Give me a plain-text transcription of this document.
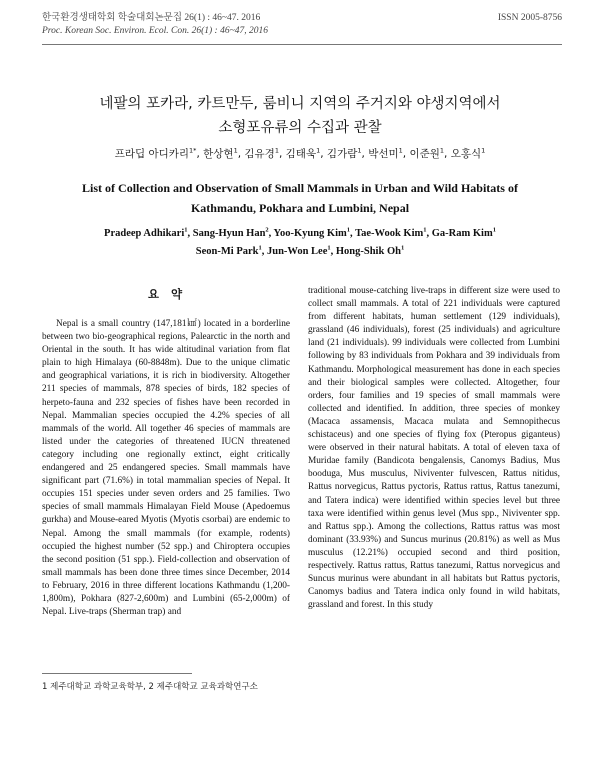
한국환경생태학회 학술대회논문집 26(1) : 46~47. 2016	ISSN 2005-8756
Proc. Korean Soc. Environ. Ecol. Con. 26(1) : 46~47, 2016
네팔의 포카라, 카트만두, 룸비니 지역의 주거지와 야생지역에서
소형포유류의 수집과 관찰
프라딥 아디카리$^{1*}$, 한상현$^1$, 김유경$^1$, 김태욱$^1$, 김가람$^1$, 박선미$^1$, 이준원$^1$, 오홍식$^1$
List of Collection and Observation of Small Mammals in Urban and Wild Habitats of
Kathmandu, Pokhara and Lumbini, Nepal
Pradeep Adhikari$^1$, Sang-Hyun Han$^2$, Yoo-Kyung Kim$^1$, Tae-Wook Kim$^1$, Ga-Ram Kim$^1$
Seon-Mi Park$^1$, Jun-Won Lee$^1$, Hong-Shik Oh$^1$
요 약

Nepal is a small country (147,181㎢) located in a borderline between two bio-geographical regions, Palearctic in the north and Oriental in the south. It has wide altitudinal variation from flat plain to high Himalaya (60-8848m). Due to the unique climatic and geographical variations, it is rich in biodiversity. Altogether 211 species of mammals, 878 species of birds, 182 species of herpeto-fauna and 232 species of fishes have been recorded in Nepal. Mammalian species occupied the 4.2% species of all mammals of the world. All together 46 species of mammals are listed under the categories of threatened IUCN threatened category including one regionally extinct, eight critically endangered and 25 endangered species. Small mammals have significant part (71.6%) in total mammalian species of Nepal. It occupies 151 species under seven orders and 25 families. Two species of small mammals Himalayan Field Mouse (Apedoemus gurkha) and Mouse-eared Myotis (Myotis csorbai) are endemic to Nepal. Among the small mammals (for example, rodents) occupied the highest number (52 spp.) and Chiroptera occupies the second position (51 spp.). Field-collection and observation of small mammals has been done three times since December, 2014 to February, 2016 in three different locations Kathmandu (1,200-1,800m), Pokhara (827-2,600m) and Lumbini (65-2,000m) of Nepal. Live-traps (Sherman trap) and

traditional mouse-catching live-traps in different size were used to collect small mammals. A total of 221 individuals were captured from different habitats, human settlement (129 individuals), grassland (46 individuals), forest (25 individuals) and agriculture land (21 individuals). 99 individuals were collected from Lumbini following by 83 individuals from Pokhara and 39 individuals from Kathmandu. Morphological measurement has done in each species and their biological samples were collected. Altogether, four orders, four families and 19 species of small mammals were collected and identified. In addition, three species of monkey (Macaca assamensis, Macaca mulata and Semnopithecus schistaceus) and one species of flying fox (Pteropus giganteus) were observed in their natural habitats. A total of eleven taxa of Muridae family (Bandicota bengalensis, Canomys Badius, Mus booduga, Mus musculus, Niviventer fulvescen, Rattus nitidus, Rattus norvegicus, Rattus pyctoris, Rattus rattus, Rattus tanezumi, and Tatera indica) were identified within species level but three taxa were identified within genus level (Mus spp., Niviventer spp. and Rattus spp.). Among the collections, Rattus rattus was most dominant (33.93%) and Suncus murinus (20.81%) as well as Mus musculus (12.21%) occupied second and third position, respectively. Rattus rattus, Rattus tanezumi, Rattus norvegicus and Suncus murinus were abundant in all habitats but Rattus pyctoris, Canomys badius and Tatera indica only found in wild habitats, grassland and forest. In this study

1 제주대학교 과학교육학부, 2 제주대학교 교육과학연구소
